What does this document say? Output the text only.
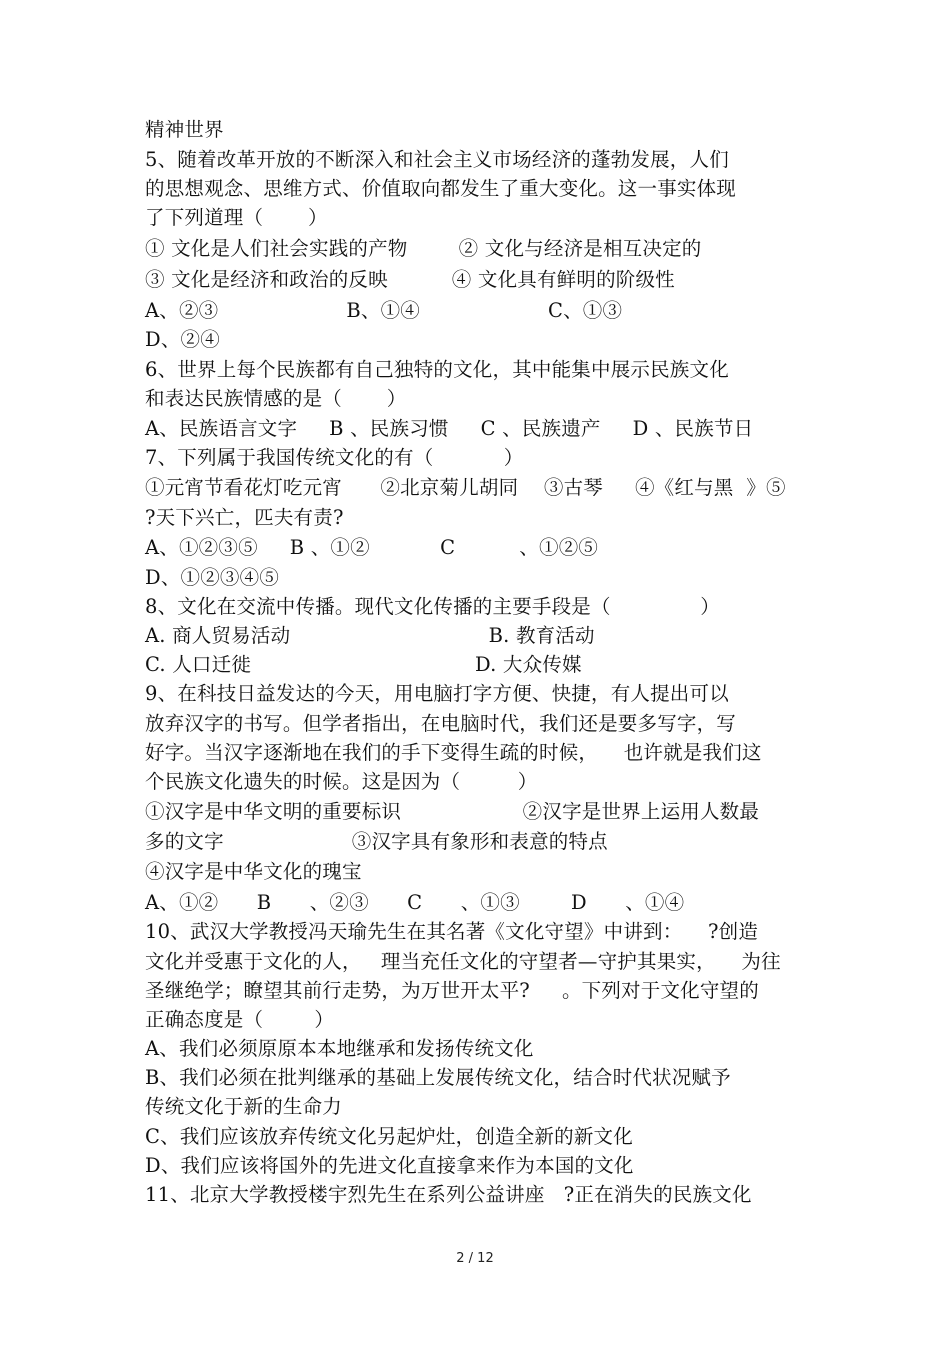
精神世界
5、随着改革开放的不断深入和社会主义市场经济的蓬勃发展，人们
的思想观念、思维方式、价值取向都发生了重大变化。这一事实体现
了下列道理（       ）
① 文化是人们社会实践的产物        ② 文化与经济是相互决定的
③ 文化是经济和政治的反映          ④ 文化具有鲜明的阶级性
A、②③                    B、①④                    C、①③
D、②④
6、世界上每个民族都有自己独特的文化，其中能集中展示民族文化
和表达民族情感的是（       ）
A、民族语言文字     B 、民族习惯     C 、民族遗产     D 、民族节日
7、下列属于我国传统文化的有（           ）
①元宵节看花灯吃元宵      ②北京菊儿胡同    ③古琴     ④《红与黑  》⑤
?天下兴亡，匹夫有责?
A、①②③⑤     B 、①②           C          、①②⑤
D、①②③④⑤
8、文化在交流中传播。现代文化传播的主要手段是（              ）
A. 商人贸易活动                               B. 教育活动
C. 人口迁徙                                   D. 大众传媒
9、在科技日益发达的今天，用电脑打字方便、快捷，有人提出可以
放弃汉字的书写。但学者指出，在电脑时代，我们还是要多写字，写
好字。当汉字逐渐地在我们的手下变得生疏的时候，    也许就是我们这
个民族文化遗失的时候。这是因为（         ）
①汉字是中华文明的重要标识                   ②汉字是世界上运用人数最
多的文字                    ③汉字具有象形和表意的特点
④汉字是中华文化的瑰宝
A、①②      B      、②③      C      、①③        D      、①④
10、武汉大学教授冯天瑜先生在其名著《文化守望》中讲到：    ?创造
文化并受惠于文化的人，   理当充任文化的守望者—守护其果实，    为往
圣继绝学；瞭望其前行走势，为万世开太平?     。下列对于文化守望的
正确态度是（        ）
A、我们必须原原本本地继承和发扬传统文化
B、我们必须在批判继承的基础上发展传统文化，结合时代状况赋予
传统文化于新的生命力
C、我们应该放弃传统文化另起炉灶，创造全新的新文化
D、我们应该将国外的先进文化直接拿来作为本国的文化
11、北京大学教授楼宇烈先生在系列公益讲座   ?正在消失的民族文化
2 / 12
